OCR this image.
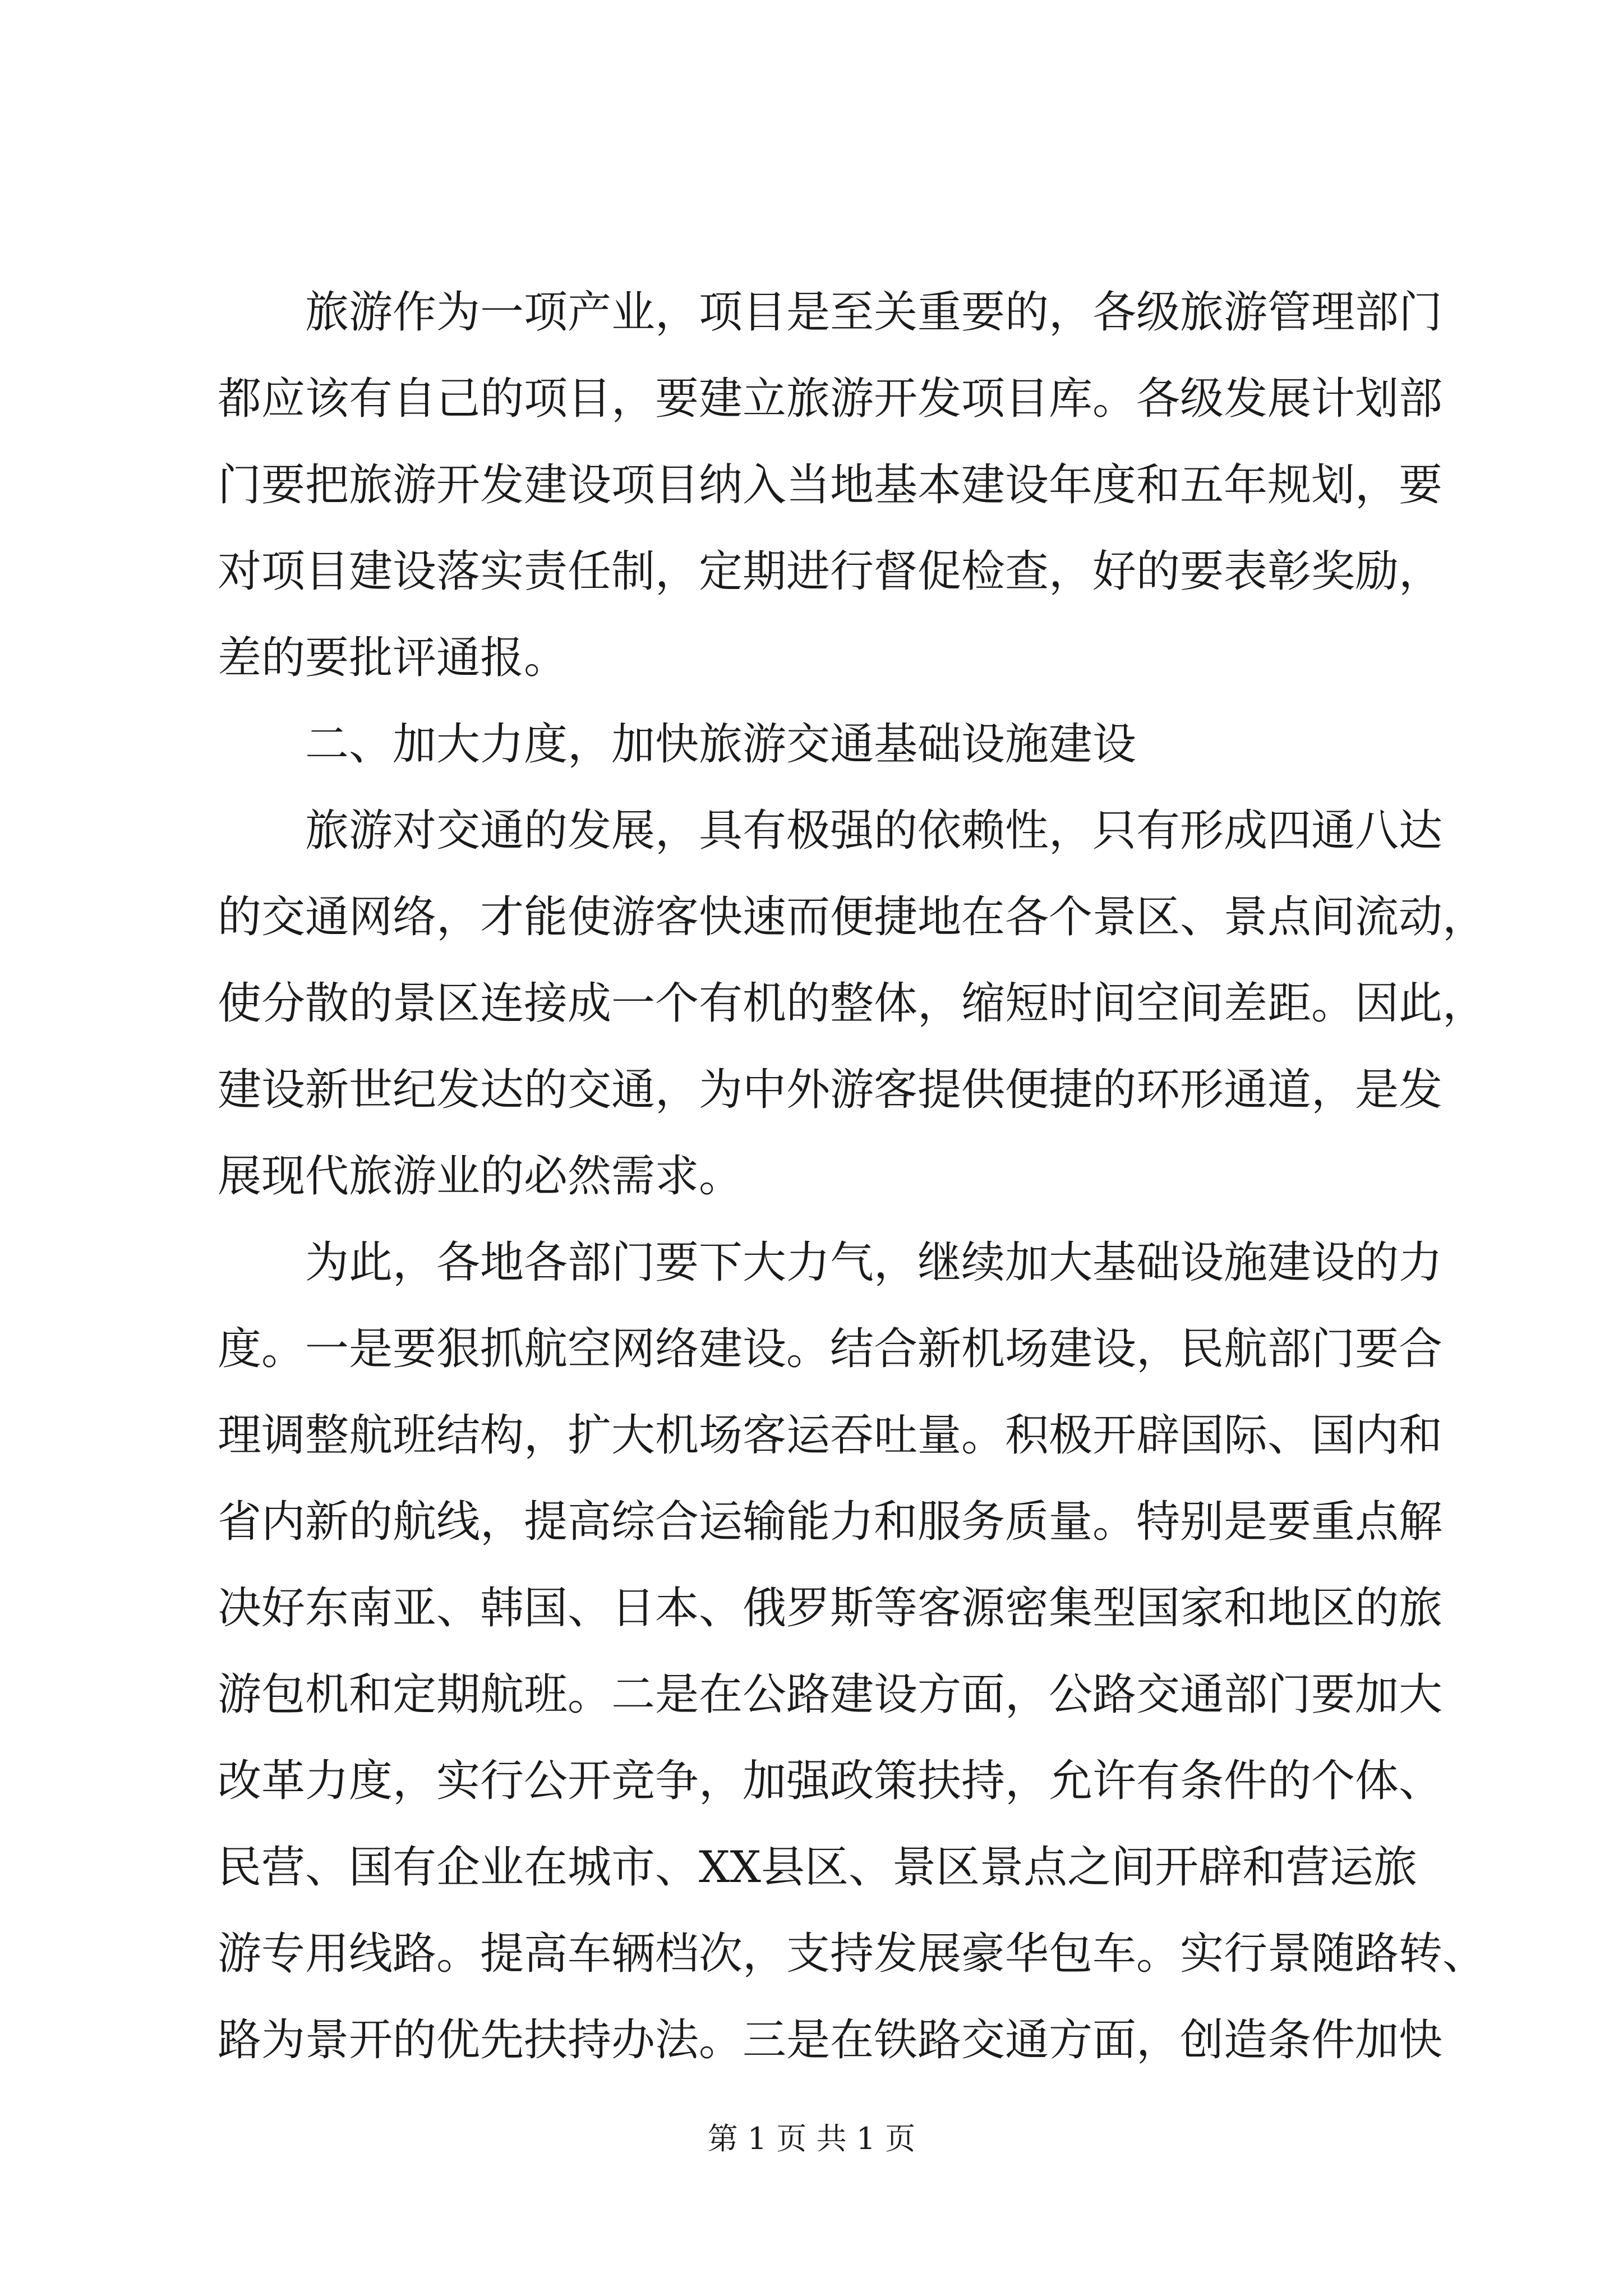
旅游作为一项产业，项目是至关重要的，各级旅游管理部门
都应该有自己的项目，要建立旅游开发项目库。各级发展计划部
门要把旅游开发建设项目纳入当地基本建设年度和五年规划，要
对项目建设落实责任制，定期进行督促检查，好的要表彰奖励，
差的要批评通报。
二、加大力度，加快旅游交通基础设施建设
旅游对交通的发展，具有极强的依赖性，只有形成四通八达
的交通网络，才能使游客快速而便捷地在各个景区、景点间流动，
使分散的景区连接成一个有机的整体，缩短时间空间差距。因此，
建设新世纪发达的交通，为中外游客提供便捷的环形通道，是发
展现代旅游业的必然需求。
为此，各地各部门要下大力气，继续加大基础设施建设的力
度。一是要狠抓航空网络建设。结合新机场建设，民航部门要合
理调整航班结构，扩大机场客运吞吐量。积极开辟国际、国内和
省内新的航线，提高综合运输能力和服务质量。特别是要重点解
决好东南亚、韩国、日本、俄罗斯等客源密集型国家和地区的旅
游包机和定期航班。二是在公路建设方面，公路交通部门要加大
改革力度，实行公开竞争，加强政策扶持，允许有条件的个体、
民营、国有企业在城市、XX县区、景区景点之间开辟和营运旅
游专用线路。提高车辆档次，支持发展豪华包车。实行景随路转、
路为景开的优先扶持办法。三是在铁路交通方面，创造条件加快
第 1 页 共 1 页
